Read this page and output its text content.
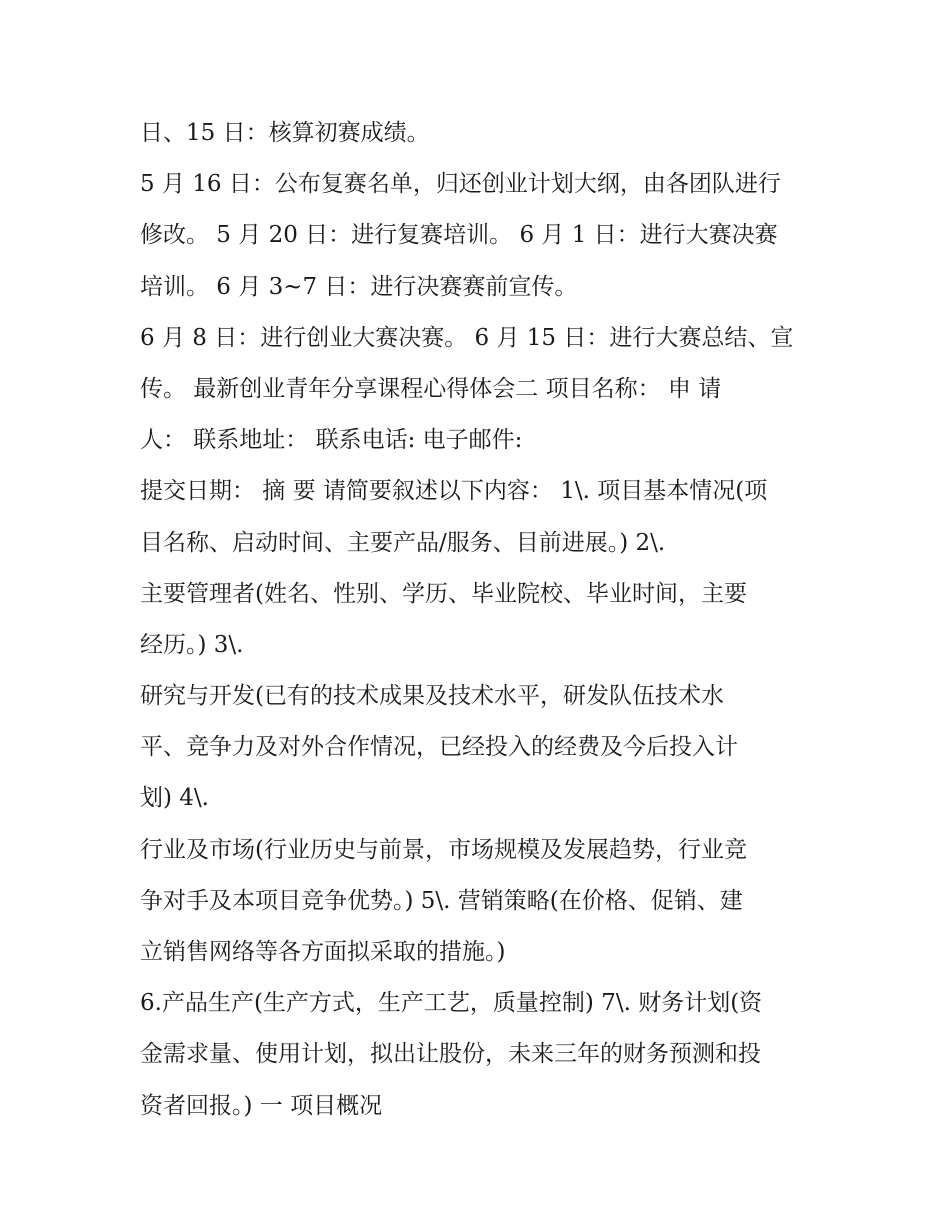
日、15 日：核算初赛成绩。
5 月 16 日：公布复赛名单，归还创业计划大纲，由各团队进行
修改。 5 月 20 日：进行复赛培训。 6 月 1 日：进行大赛决赛
培训。 6 月 3~7 日：进行决赛赛前宣传。
6 月 8 日：进行创业大赛决赛。 6 月 15 日：进行大赛总结、宣
传。 最新创业青年分享课程心得体会二 项目名称： 申 请
人： 联系地址： 联系电话: 电子邮件:
提交日期： 摘 要 请简要叙述以下内容： 1\. 项目基本情况(项
目名称、启动时间、主要产品/服务、目前进展。) 2\.
主要管理者(姓名、性别、学历、毕业院校、毕业时间，主要
经历。) 3\.
研究与开发(已有的技术成果及技术水平，研发队伍技术水
平、竞争力及对外合作情况，已经投入的经费及今后投入计
划) 4\.
行业及市场(行业历史与前景，市场规模及发展趋势，行业竞
争对手及本项目竞争优势。) 5\. 营销策略(在价格、促销、建
立销售网络等各方面拟采取的措施。)
6.产品生产(生产方式，生产工艺，质量控制) 7\. 财务计划(资
金需求量、使用计划，拟出让股份，未来三年的财务预测和投
资者回报。) 一 项目概况
